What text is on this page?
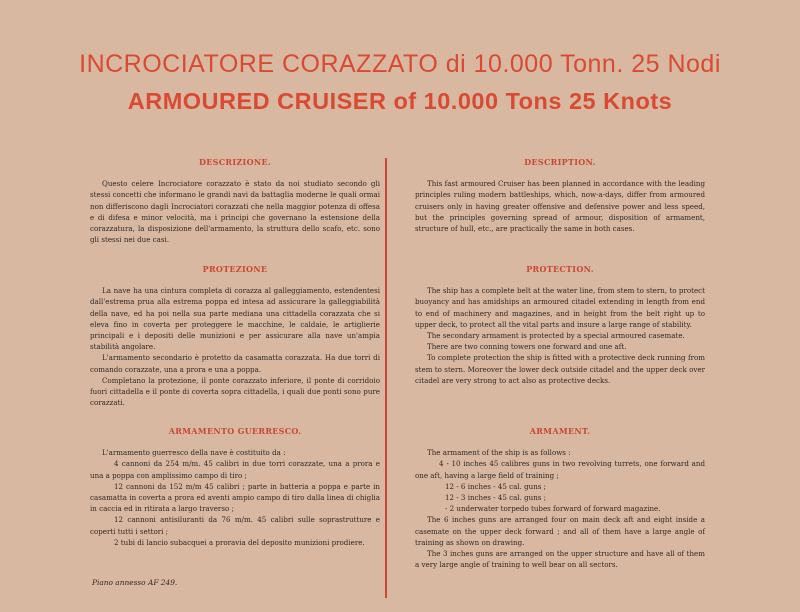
INCROCIATORE CORAZZATO di 10.000 Tonn. 25 Nodi
ARMOURED CRUISER of 10.000 Tons 25 Knots
DESCRIZIONE.

Questo celere Incrociatore corazzato è stato da noi studiato secondo gli stessi concetti che informano le grandi navi da battaglia moderne le quali ormai non differiscono dagli Incrociatori corazzati che nella maggior potenza di offesa e di difesa e minor velocità, ma i principi che governano la estensione della corazzatura, la disposizione dell'armamento, la struttura dello scafo, etc. sono gli stessi nei due casi.

PROTEZIONE

La nave ha una cintura completa di corazza al galleggiamento, estendentesi dall'estrema prua alla estrema poppa ed intesa ad assicurare la galleggiabilità della nave, ed ha poi nella sua parte mediana una cittadella corazzata che si eleva fino in coverta per proteggere le macchine, le caldaie, le artiglierie principali e i depositi delle munizioni e per assicurare alla nave un'ampia stabilità angolare.

L'armamento secondario è protetto da casamatta corazzata. Ha due torri di comando corazzate, una a prora e una a poppa.

Completano la protezione, il ponte corazzato inferiore, il ponte di corridoio fuori cittadella e il ponte di coverta sopra cittadella, i quali due ponti sono pure corazzati.

ARMAMENTO GUERRESCO.

L'armamento guerresco della nave è costituito da :

4 cannoni da 254 m/m. 45 calibri in due torri corazzate, una a prora e una a poppa con amplissimo campo di tiro ;

12 cannoni da 152 m/m 45 calibri ; parte in batteria a poppa e parte in casamatta in coverta a prora ed aventi ampio campo di tiro dalla linea di chiglia in caccia ed in ritirata a largo traverso ;

12 cannoni antisiluranti da 76 m/m. 45 calibri sulle soprastrutture e coperti tutti i settori ;

2 tubi di lancio subacquei a proravia del deposito munizioni prodiere.

DESCRIPTION.

This fast armoured Cruiser has been planned in accordance with the leading principles ruling modern battleships, which, now-a-days, differ from armoured cruisers only in having greater offensive and defensive power and less speed, but the principles governing spread of armour, disposition of armament, structure of hull, etc., are practically the same in both cases.

PROTECTION.

The ship has a complete belt at the water line, from stem to stern, to protect buoyancy and has amidships an armoured citadel extending in length from end to end of machinery and magazines, and in height from the belt right up to upper deck, to protect all the vital parts and insure a large range of stability.

The secondary armament is protected by a special armoured casemate.

There are two conning towers one forward and one aft.

To complete protection the ship is fitted with a protective deck running from stem to stern. Moreover the lower deck outside citadel and the upper deck over citadel are very strong to act also as protective decks.

ARMAMENT.

The armament of the ship is as follows :

4 - 10 inches 45 calibres guns in two revolving turrets, one forward and one aft, having a large field of training ;

12 - 6 inches - 45 cal. guns ;

12 - 3 inches - 45 cal. guns ;

- 2 underwater torpedo tubes forward of forward magazine.

The 6 inches guns are arranged four on main deck aft and eight inside a casemate on the upper deck forward ; and all of them have a large angle of training as shown on drawing.

The 3 inches guns are arranged on the upper structure and have all of them a very large angle of training to well bear on all sectors.

Piano annesso AF 249.
